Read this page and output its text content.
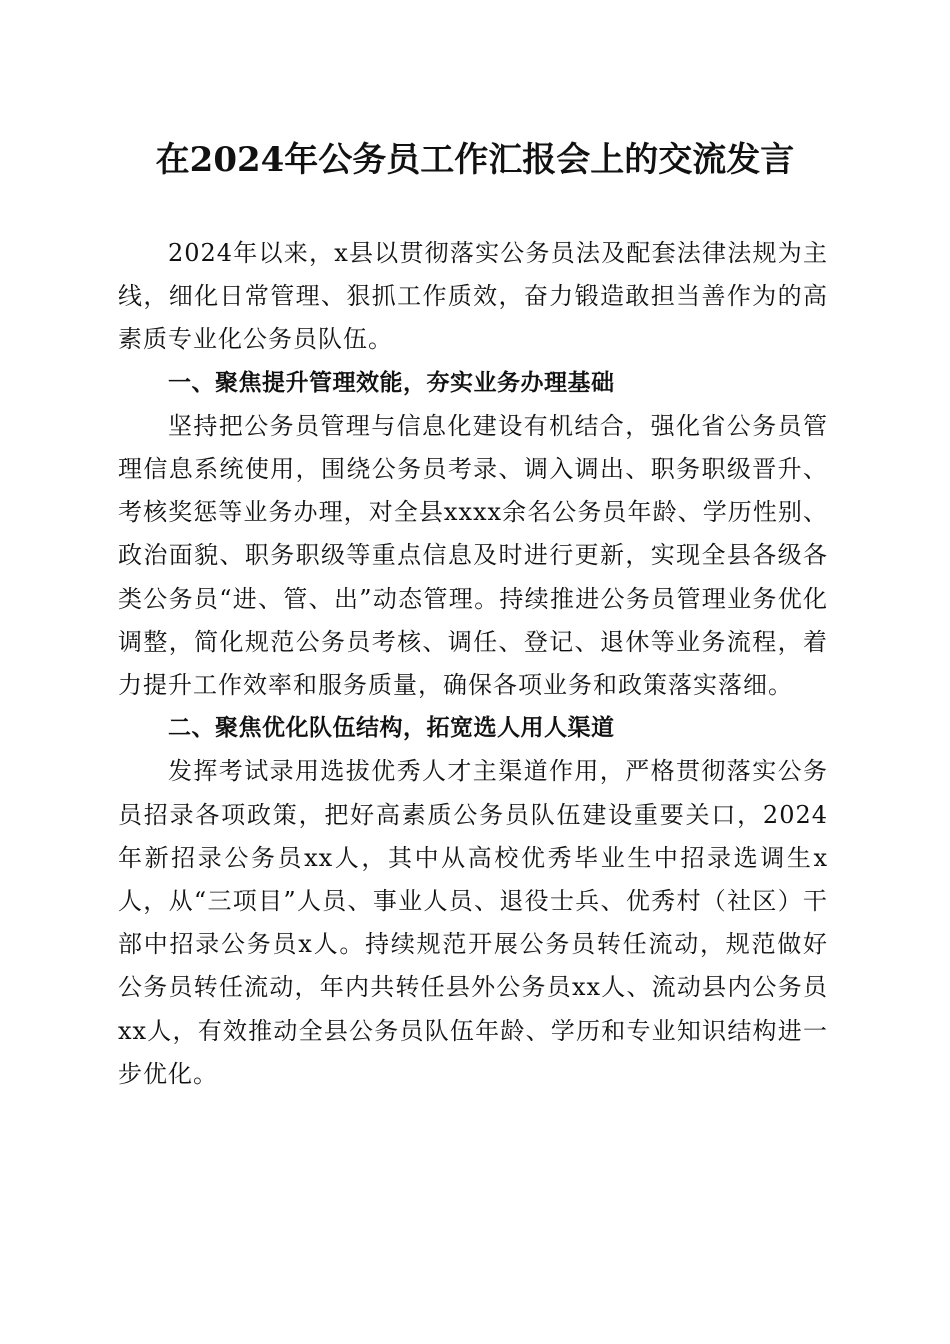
在2024年公务员工作汇报会上的交流发言

2024年以来，x县以贯彻落实公务员法及配套法律法规为主线，细化日常管理、狠抓工作质效，奋力锻造敢担当善作为的高素质专业化公务员队伍。

一、聚焦提升管理效能，夯实业务办理基础

坚持把公务员管理与信息化建设有机结合，强化省公务员管理信息系统使用，围绕公务员考录、调入调出、职务职级晋升、考核奖惩等业务办理，对全县xxxx余名公务员年龄、学历性别、政治面貌、职务职级等重点信息及时进行更新，实现全县各级各类公务员“进、管、出”动态管理。持续推进公务员管理业务优化调整，简化规范公务员考核、调任、登记、退休等业务流程，着力提升工作效率和服务质量，确保各项业务和政策落实落细。

二、聚焦优化队伍结构，拓宽选人用人渠道

发挥考试录用选拔优秀人才主渠道作用，严格贯彻落实公务员招录各项政策，把好高素质公务员队伍建设重要关口，2024年新招录公务员xx人，其中从高校优秀毕业生中招录选调生x人，从“三项目”人员、事业人员、退役士兵、优秀村（社区）干部中招录公务员x人。持续规范开展公务员转任流动，规范做好公务员转任流动，年内共转任县外公务员xx人、流动县内公务员xx人，有效推动全县公务员队伍年龄、学历和专业知识结构进一步优化。
